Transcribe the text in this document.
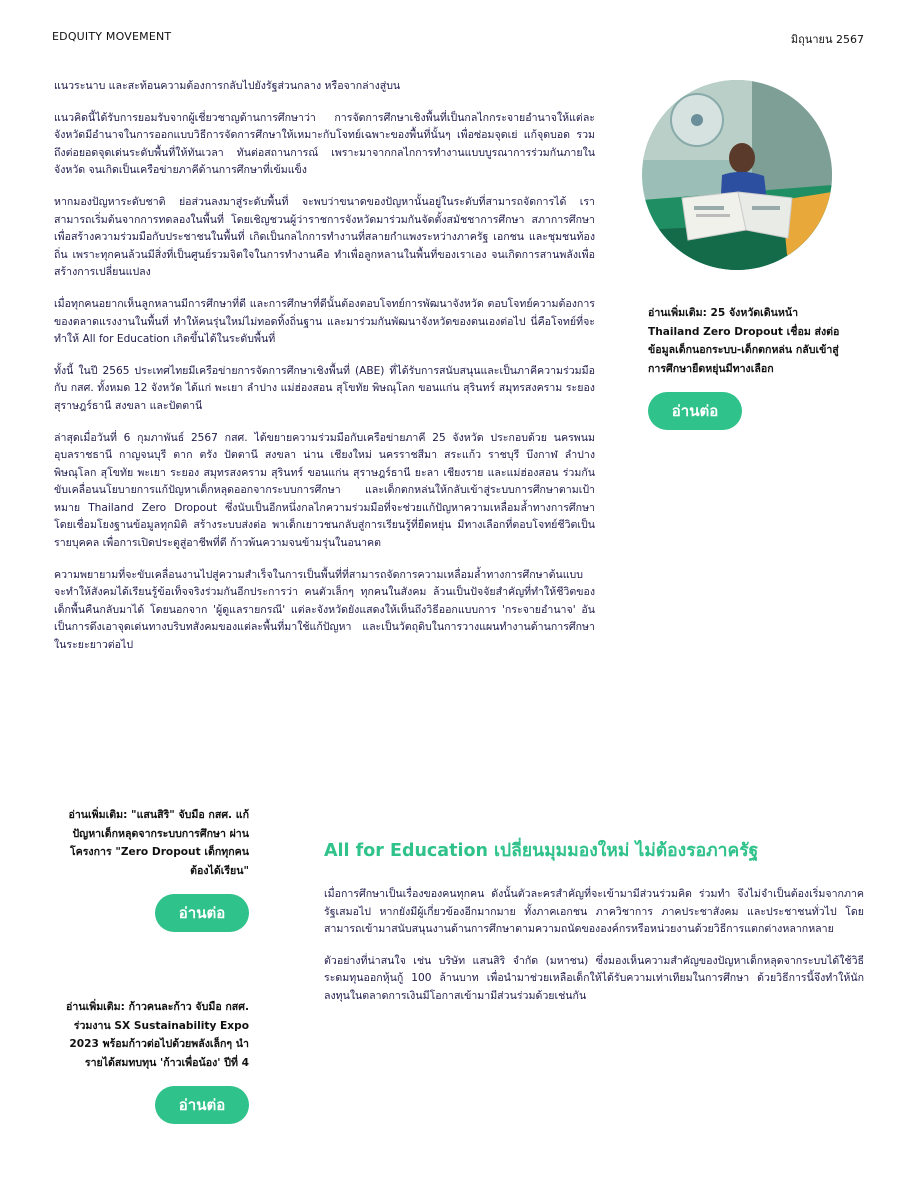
EDQUITY MOVEMENT	มิถุนายน 2567

แนวระนาบ และสะท้อนความต้องการกลับไปยังรัฐส่วนกลาง หรือจากล่างสู่บน

แนวคิดนี้ได้รับการยอมรับจากผู้เชี่ยวชาญด้านการศึกษาว่า การจัดการศึกษาเชิงพื้นที่เป็นกลไกกระจายอำนาจให้แต่ละจังหวัดมีอำนาจในการออกแบบวิธีการจัดการศึกษาให้เหมาะกับโจทย์เฉพาะของพื้นที่นั้นๆ เพื่อซ่อมจุดเย่ แก้จุดบอด รวมถึงต่อยอดจุดเด่นระดับพื้นที่ให้ทันเวลา ทันต่อสถานการณ์ เพราะมาจากกลไกการทำงานแบบบูรณาการร่วมกันภายในจังหวัด จนเกิดเป็นเครือข่ายภาคีด้านการศึกษาที่เข้มแข็ง

หากมองปัญหาระดับชาติ ย่อส่วนลงมาสู่ระดับพื้นที่ จะพบว่าขนาดของปัญหานั้นอยู่ในระดับที่สามารถจัดการได้ เราสามารถเริ่มต้นจากการทดลองในพื้นที่ โดยเชิญชวนผู้ว่าราชการจังหวัดมาร่วมกันจัดตั้งสมัชชาการศึกษา สภาการศึกษา เพื่อสร้างความร่วมมือกับประชาชนในพื้นที่ เกิดเป็นกลไกการทำงานที่สลายกำแพงระหว่างภาครัฐ เอกชน และชุมชนท้องถิ่น เพราะทุกคนล้วนมีสิ่งที่เป็นศูนย์รวมจิตใจในการทำงานคือ ทำเพื่อลูกหลานในพื้นที่ของเราเอง จนเกิดการสานพลังเพื่อสร้างการเปลี่ยนแปลง

เมื่อทุกคนอยากเห็นลูกหลานมีการศึกษาที่ดี และการศึกษาที่ดีนั้นต้องตอบโจทย์การพัฒนาจังหวัด ตอบโจทย์ความต้องการของตลาดแรงงานในพื้นที่ ทำให้คนรุ่นใหม่ไม่ทอดทิ้งถิ่นฐาน และมาร่วมกันพัฒนาจังหวัดของตนเองต่อไป นี่คือโจทย์ที่จะทำให้ All for Education เกิดขึ้นได้ในระดับพื้นที่

ทั้งนี้ ในปี 2565 ประเทศไทยมีเครือข่ายการจัดการศึกษาเชิงพื้นที่ (ABE) ที่ได้รับการสนับสนุนและเป็นภาคีความร่วมมือกับ กสศ. ทั้งหมด 12 จังหวัด ได้แก่ พะเยา ลำปาง แม่ฮ่องสอน สุโขทัย พิษณุโลก ขอนแก่น สุรินทร์ สมุทรสงคราม ระยอง สุราษฎร์ธานี สงขลา และปัตตานี

ล่าสุดเมื่อวันที่ 6 กุมภาพันธ์ 2567 กสศ. ได้ขยายความร่วมมือกับเครือข่ายภาคี 25 จังหวัด ประกอบด้วย นครพนม อุบลราชธานี กาญจนบุรี ตาก ตรัง ปัตตานี สงขลา น่าน เชียงใหม่ นครราชสีมา สระแก้ว ราชบุรี บึงกาฬ ลำปาง พิษณุโลก สุโขทัย พะเยา ระยอง สมุทรสงคราม สุรินทร์ ขอนแก่น สุราษฎร์ธานี ยะลา เชียงราย และแม่ฮ่องสอน ร่วมกันขับเคลื่อนนโยบายการแก้ปัญหาเด็กหลุดออกจากระบบการศึกษา และเด็กตกหล่นให้กลับเข้าสู่ระบบการศึกษาตามเป้าหมาย Thailand Zero Dropout ซึ่งนับเป็นอีกหนึ่งกลไกความร่วมมือที่จะช่วยแก้ปัญหาความเหลื่อมล้ำทางการศึกษา โดยเชื่อมโยงฐานข้อมูลทุกมิติ สร้างระบบส่งต่อ พาเด็กเยาวชนกลับสู่การเรียนรู้ที่ยืดหยุ่น มีทางเลือกที่ตอบโจทย์ชีวิตเป็นรายบุคคล เพื่อการเปิดประตูสู่อาชีพที่ดี ก้าวพ้นความจนข้ามรุ่นในอนาคต

ความพยายามที่จะขับเคลื่อนงานไปสู่ความสำเร็จในการเป็นพื้นที่ที่สามารถจัดการความเหลื่อมล้ำทางการศึกษาต้นแบบ จะทำให้สังคมได้เรียนรู้ข้อเท็จจริงร่วมกันอีกประการว่า คนตัวเล็กๆ ทุกคนในสังคม ล้วนเป็นปัจจัยสำคัญที่ทำให้ชีวิตของเด็กพื้นคืนกลับมาได้ โดยนอกจาก 'ผู้ดูแลรายกรณี' แต่ละจังหวัดยังแสดงให้เห็นถึงวิธีออกแบบการ 'กระจายอำนาจ' อันเป็นการดึงเอาจุดเด่นทางบริบทสังคมของแต่ละพื้นที่มาใช้แก้ปัญหา และเป็นวัตถุดิบในการวางแผนทำงานด้านการศึกษาในระยะยาวต่อไป

อ่านเพิ่มเติม: 25 จังหวัดเดินหน้า Thailand Zero Dropout เชื่อม ส่งต่อข้อมูลเด็กนอกระบบ-เด็กตกหล่น กลับเข้าสู่การศึกษายืดหยุ่นมีทางเลือก

อ่านต่อ

อ่านเพิ่มเติม: "แสนสิริ" จับมือ กสศ. แก้ปัญหาเด็กหลุดจากระบบการศึกษา ผ่านโครงการ "Zero Dropout เด็กทุกคนต้องได้เรียน"

อ่านต่อ

อ่านเพิ่มเติม: ก้าวคนละก้าว จับมือ กสศ. ร่วมงาน SX Sustainability Expo 2023 พร้อมก้าวต่อไปด้วยพลังเล็กๆ นำรายได้สมทบทุน 'ก้าวเพื่อน้อง' ปีที่ 4

อ่านต่อ
All for Education เปลี่ยนมุมมองใหม่ ไม่ต้องรอภาครัฐ

เมื่อการศึกษาเป็นเรื่องของคนทุกคน ดังนั้นตัวละครสำคัญที่จะเข้ามามีส่วนร่วมคิด ร่วมทำ จึงไม่จำเป็นต้องเริ่มจากภาครัฐเสมอไป หากยังมีผู้เกี่ยวข้องอีกมากมาย ทั้งภาคเอกชน ภาควิชาการ ภาคประชาสังคม และประชาชนทั่วไป โดยสามารถเข้ามาสนับสนุนงานด้านการศึกษาตามความถนัดขององค์กรหรือหน่วยงานด้วยวิธีการแตกต่างหลากหลาย

ตัวอย่างที่น่าสนใจ เช่น บริษัท แสนสิริ จำกัด (มหาชน) ซึ่งมองเห็นความสำคัญของปัญหาเด็กหลุดจากระบบได้ใช้วิธีระดมทุนออกหุ้นกู้ 100 ล้านบาท เพื่อนำมาช่วยเหลือเด็กให้ได้รับความเท่าเทียมในการศึกษา ด้วยวิธีการนี้จึงทำให้นักลงทุนในตลาดการเงินมีโอกาสเข้ามามีส่วนร่วมด้วยเช่นกัน
